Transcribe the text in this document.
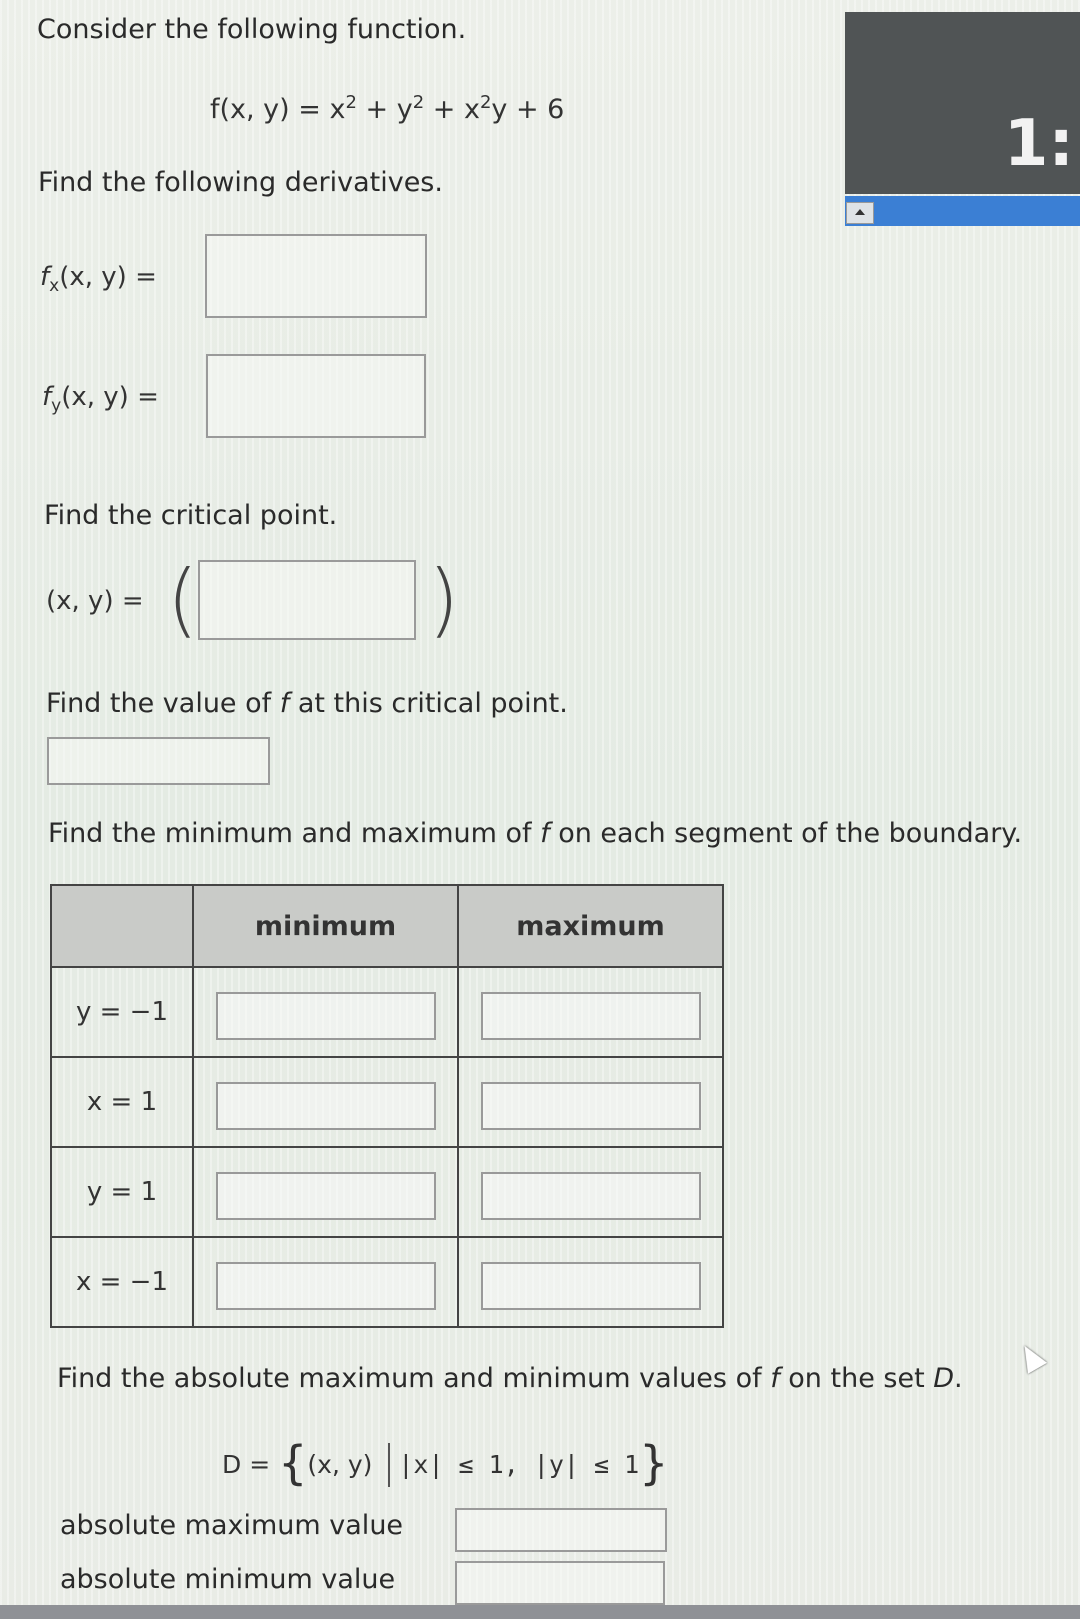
Consider the following function.
f(x, $y) = x^2 + y^2 + x^2y + 6$	1:
Find the following derivatives.
$f_x(x$, y) =
$f_y(x$, y) =
Find the critical point.
(x, y) = (	)
Find the value of f at this critical point.
Find the minimum and maximum of f on each segment of the boundary.
	minimum	maximum
y = −1	

x = 1	

y = 1	

x = −1	

Find the absolute maximum and minimum values of f on the set D.
D = {(x, y) |x| ≤ 1, |y| ≤ 1}
absolute maximum value
absolute minimum value
